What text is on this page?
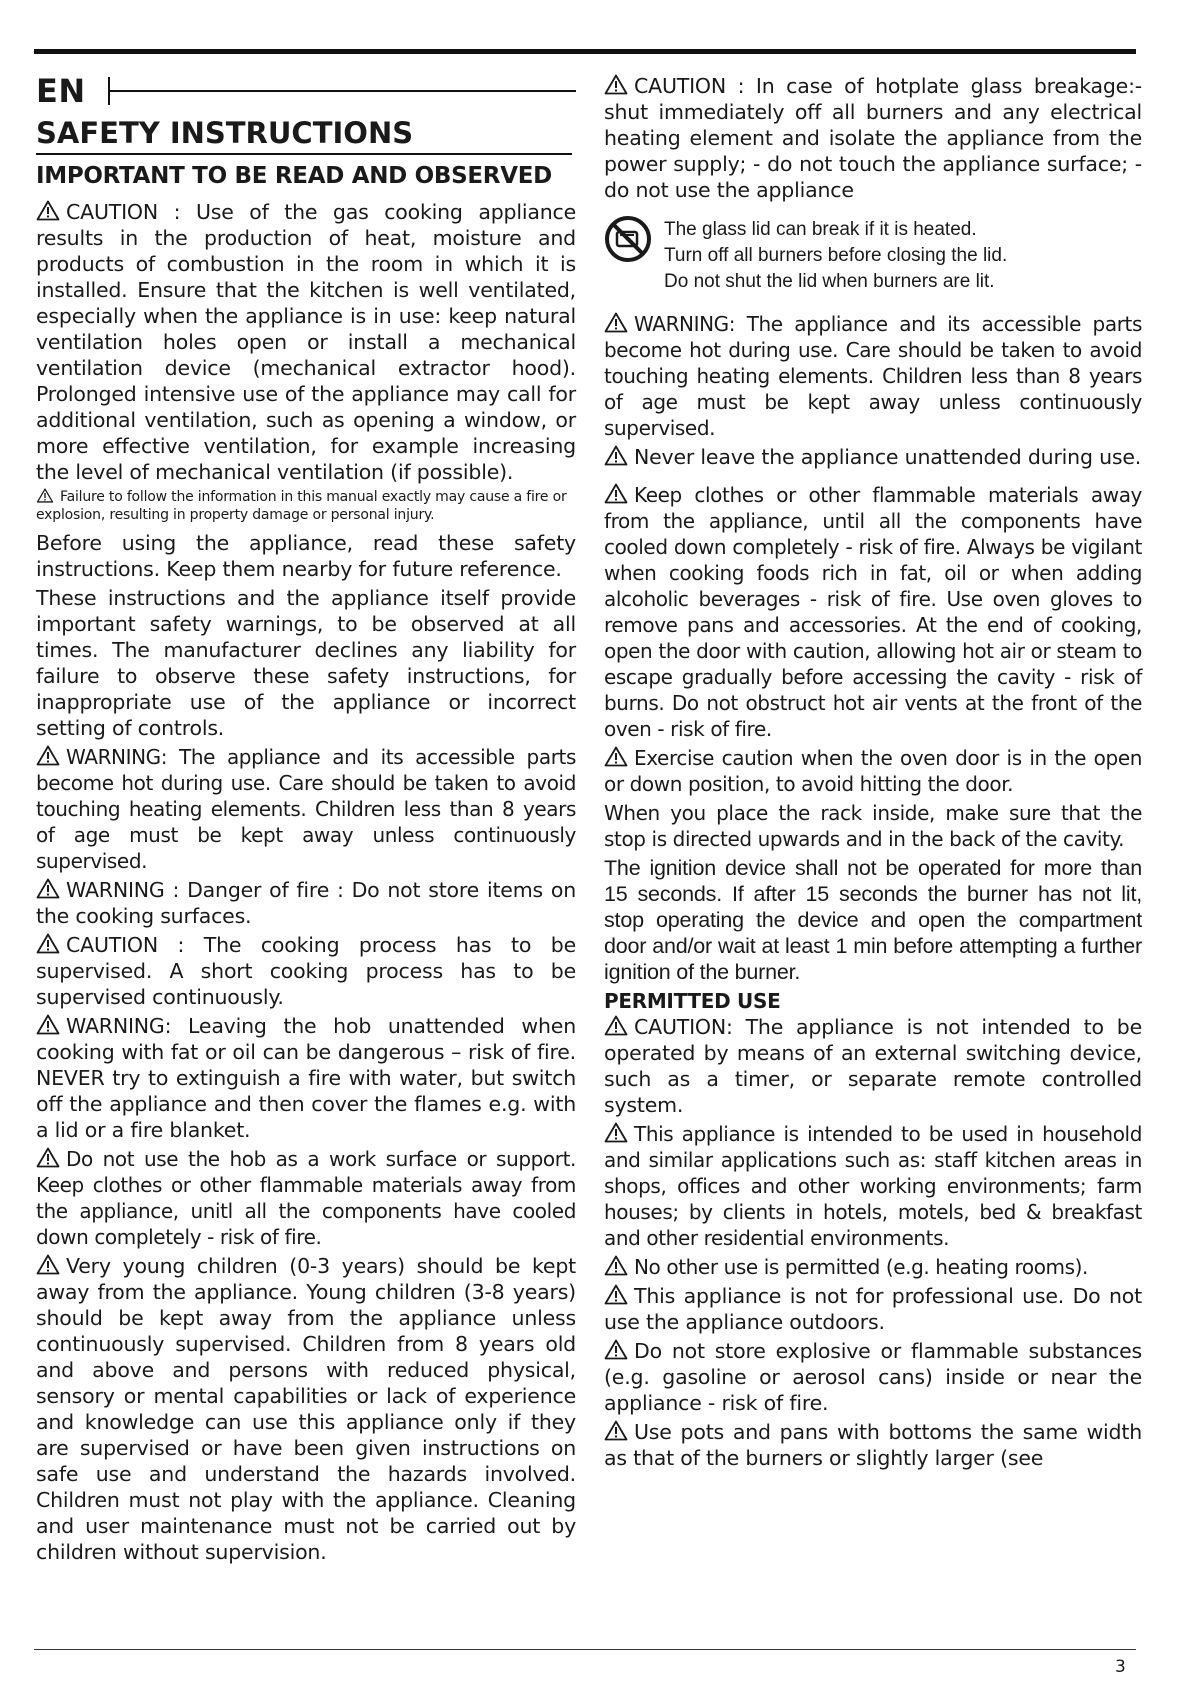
EN
SAFETY INSTRUCTIONS
IMPORTANT TO BE READ AND OBSERVED

CAUTION : Use of the gas cooking appliance results in the production of heat, moisture and products of combustion in the room in which it is installed. Ensure that the kitchen is well ventilated, especially when the appliance is in use: keep natural ventilation holes open or install a mechanical ventilation device (mechanical extractor hood). Prolonged intensive use of the appliance may call for additional ventilation, such as opening a window, or more effective ventilation, for example increasing the level of mechanical ventilation (if possible).

Failure to follow the information in this manual exactly may cause a fire or explosion, resulting in property damage or personal injury.

Before using the appliance, read these safety instructions. Keep them nearby for future reference.

These instructions and the appliance itself provide important safety warnings, to be observed at all times. The manufacturer declines any liability for failure to observe these safety instructions, for inappropriate use of the appliance or incorrect setting of controls.

WARNING: The appliance and its accessible parts become hot during use. Care should be taken to avoid touching heating elements. Children less than 8 years of age must be kept away unless continuously supervised.

WARNING : Danger of fire : Do not store items on the cooking surfaces.

CAUTION : The cooking process has to be supervised. A short cooking process has to be supervised continuously.

WARNING: Leaving the hob unattended when cooking with fat or oil can be dangerous – risk of fire. NEVER try to extinguish a fire with water, but switch off the appliance and then cover the flames e.g. with a lid or a fire blanket.

Do not use the hob as a work surface or support. Keep clothes or other flammable materials away from the appliance, unitl all the components have cooled down completely - risk of fire.

Very young children (0-3 years) should be kept away from the appliance. Young children (3-8 years) should be kept away from the appliance unless continuously supervised. Children from 8 years old and above and persons with reduced physical, sensory or mental capabilities or lack of experience and knowledge can use this appliance only if they are supervised or have been given instructions on safe use and understand the hazards involved. Children must not play with the appliance. Cleaning and user maintenance must not be carried out by children without supervision.

CAUTION : In case of hotplate glass breakage:- shut immediately off all burners and any electrical heating element and isolate the appliance from the power supply; - do not touch the appliance surface; -do not use the appliance

The glass lid can break if it is heated.
Turn off all burners before closing the lid.
Do not shut the lid when burners are lit.

WARNING: The appliance and its accessible parts become hot during use. Care should be taken to avoid touching heating elements. Children less than 8 years of age must be kept away unless continuously supervised.

Never leave the appliance unattended during use.

Keep clothes or other flammable materials away from the appliance, until all the components have cooled down completely - risk of fire. Always be vigilant when cooking foods rich in fat, oil or when adding alcoholic beverages - risk of fire. Use oven gloves to remove pans and accessories. At the end of cooking, open the door with caution, allowing hot air or steam to escape gradually before accessing the cavity - risk of burns. Do not obstruct hot air vents at the front of the oven - risk of fire.

Exercise caution when the oven door is in the open or down position, to avoid hitting the door.

When you place the rack inside, make sure that the stop is directed upwards and in the back of the cavity.

The ignition device shall not be operated for more than 15 seconds. If after 15 seconds the burner has not lit, stop operating the device and open the compartment door and/or wait at least 1 min before attempting a further ignition of the burner.

PERMITTED USE

CAUTION: The appliance is not intended to be operated by means of an external switching device, such as a timer, or separate remote controlled system.

This appliance is intended to be used in household and similar applications such as: staff kitchen areas in shops, offices and other working environments; farm houses; by clients in hotels, motels, bed & breakfast and other residential environments.

No other use is permitted (e.g. heating rooms).

This appliance is not for professional use. Do not use the appliance outdoors.

Do not store explosive or flammable substances (e.g. gasoline or aerosol cans) inside or near the appliance - risk of fire.

Use pots and pans with bottoms the same width as that of the burners or slightly larger (see

3
